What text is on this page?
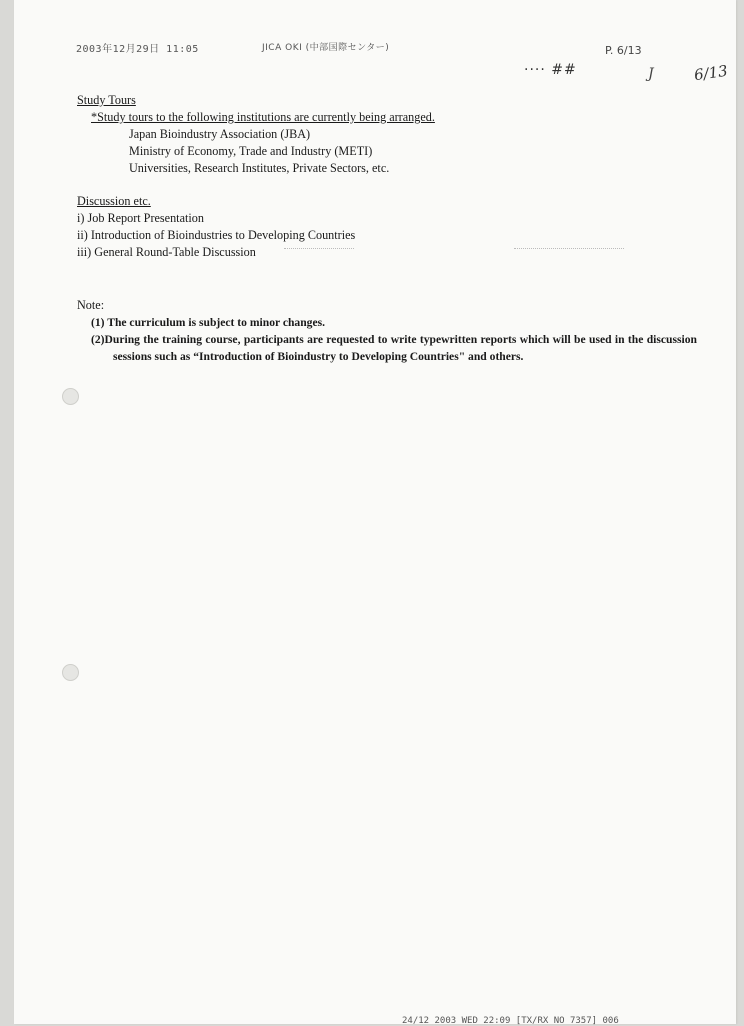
2003年12月29日 11:05	JICA OKI (中部国際センター)	P. 6/13
···· ##	J	6/13
Study Tours
*Study tours to the following institutions are currently being arranged.
Japan Bioindustry Association (JBA)
Ministry of Economy, Trade and Industry (METI)
Universities, Research Institutes, Private Sectors, etc.
Discussion etc.
i) Job Report Presentation
ii) Introduction of Bioindustries to Developing Countries
iii) General Round-Table Discussion
Note:

(1) The curriculum is subject to minor changes.

(2)During the training course, participants are requested to write typewritten reports which will be used in the discussion sessions such as “Introduction of Bioindustry to Developing Countries" and others.

24/12 2003 WED 22:09 [TX/RX NO 7357] 006
